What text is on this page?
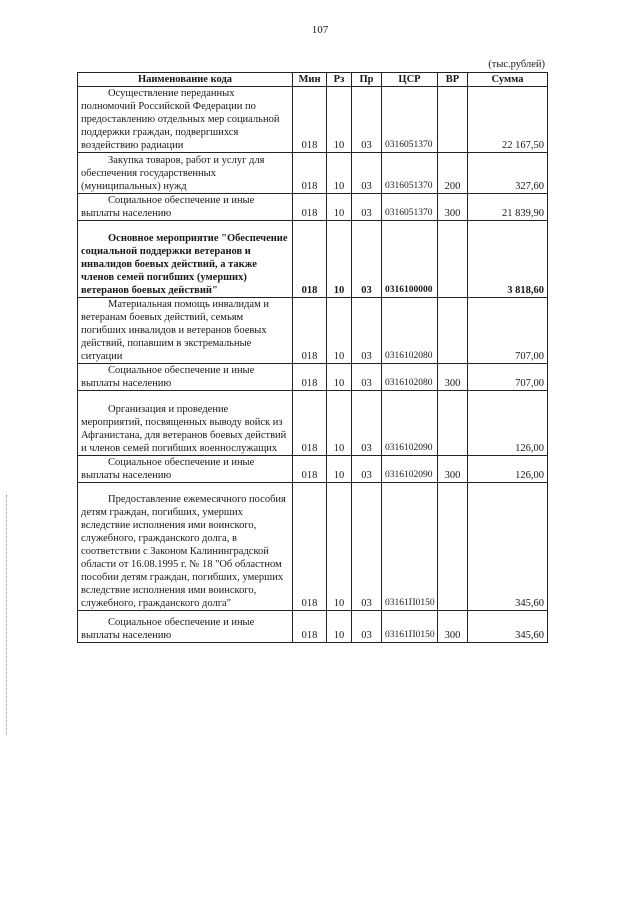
107
(тыс.рублей)
Наименование кода	Мин	Рз	Пр	ЦСР	ВР	Сумма
Осуществление переданных полномочий Российской Федерации по предоставлению отдельных мер социальной поддержки граждан, подвергшихся воздействию радиации	018	10	03	0316051370		22 167,50
Закупка товаров, работ и услуг для обеспечения государственных (муниципальных) нужд	018	10	03	0316051370	200	327,60
Социальное обеспечение и иные выплаты населению	018	10	03	0316051370	300	21 839,90
Основное мероприятие "Обеспечение социальной поддержки ветеранов и инвалидов боевых действий, а также членов семей погибших (умерших) ветеранов боевых действий"	018	10	03	0316100000		3 818,60
Материальная помощь инвалидам и ветеранам боевых действий, семьям погибших инвалидов и ветеранов боевых действий, попавшим в экстремальные ситуации	018	10	03	0316102080		707,00
Социальное обеспечение и иные выплаты населению	018	10	03	0316102080	300	707,00
Организация и проведение мероприятий, посвященных выводу войск из Афганистана, для ветеранов боевых действий и членов семей погибших военнослужащих	018	10	03	0316102090		126,00
Социальное обеспечение и иные выплаты населению	018	10	03	0316102090	300	126,00
Предоставление ежемесячного пособия детям граждан, погибших, умерших вследствие исполнения ими воинского, служебного, гражданского долга, в соответствии с Законом Калининградской области от 16.08.1995 г. № 18 "Об областном пособии детям граждан, погибших, умерших вследствие исполнения ими воинского, служебного, гражданского долга"	018	10	03	03161П0150		345,60
Социальное обеспечение и иные выплаты населению	018	10	03	03161П0150	300	345,60
